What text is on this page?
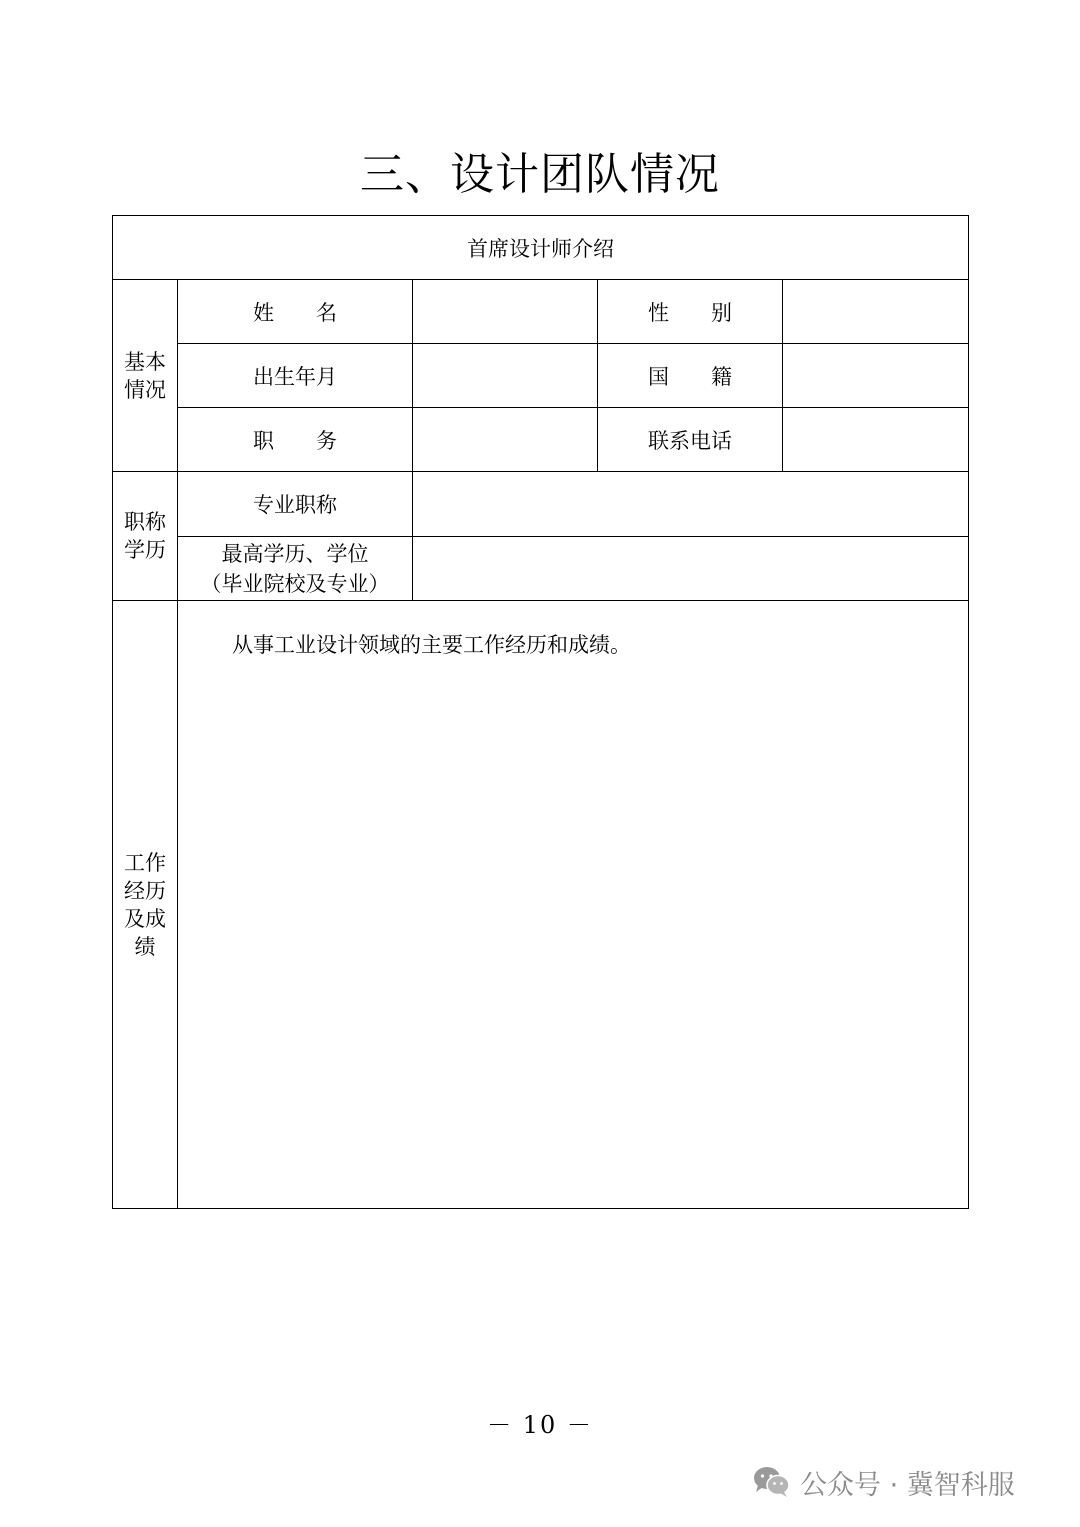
三、设计团队情况
首席设计师介绍				

基本
情况	姓　　名		性　　别	
	出生年月		国　　籍	
	职　　务		联系电话	

职称
学历	专业职称			

	最高学历、学位
（毕业院校及专业）			

工作
经历
及成
绩	从事工业设计领域的主要工作经历和成绩。			
－ 10 －
公众号 · 冀智科服
